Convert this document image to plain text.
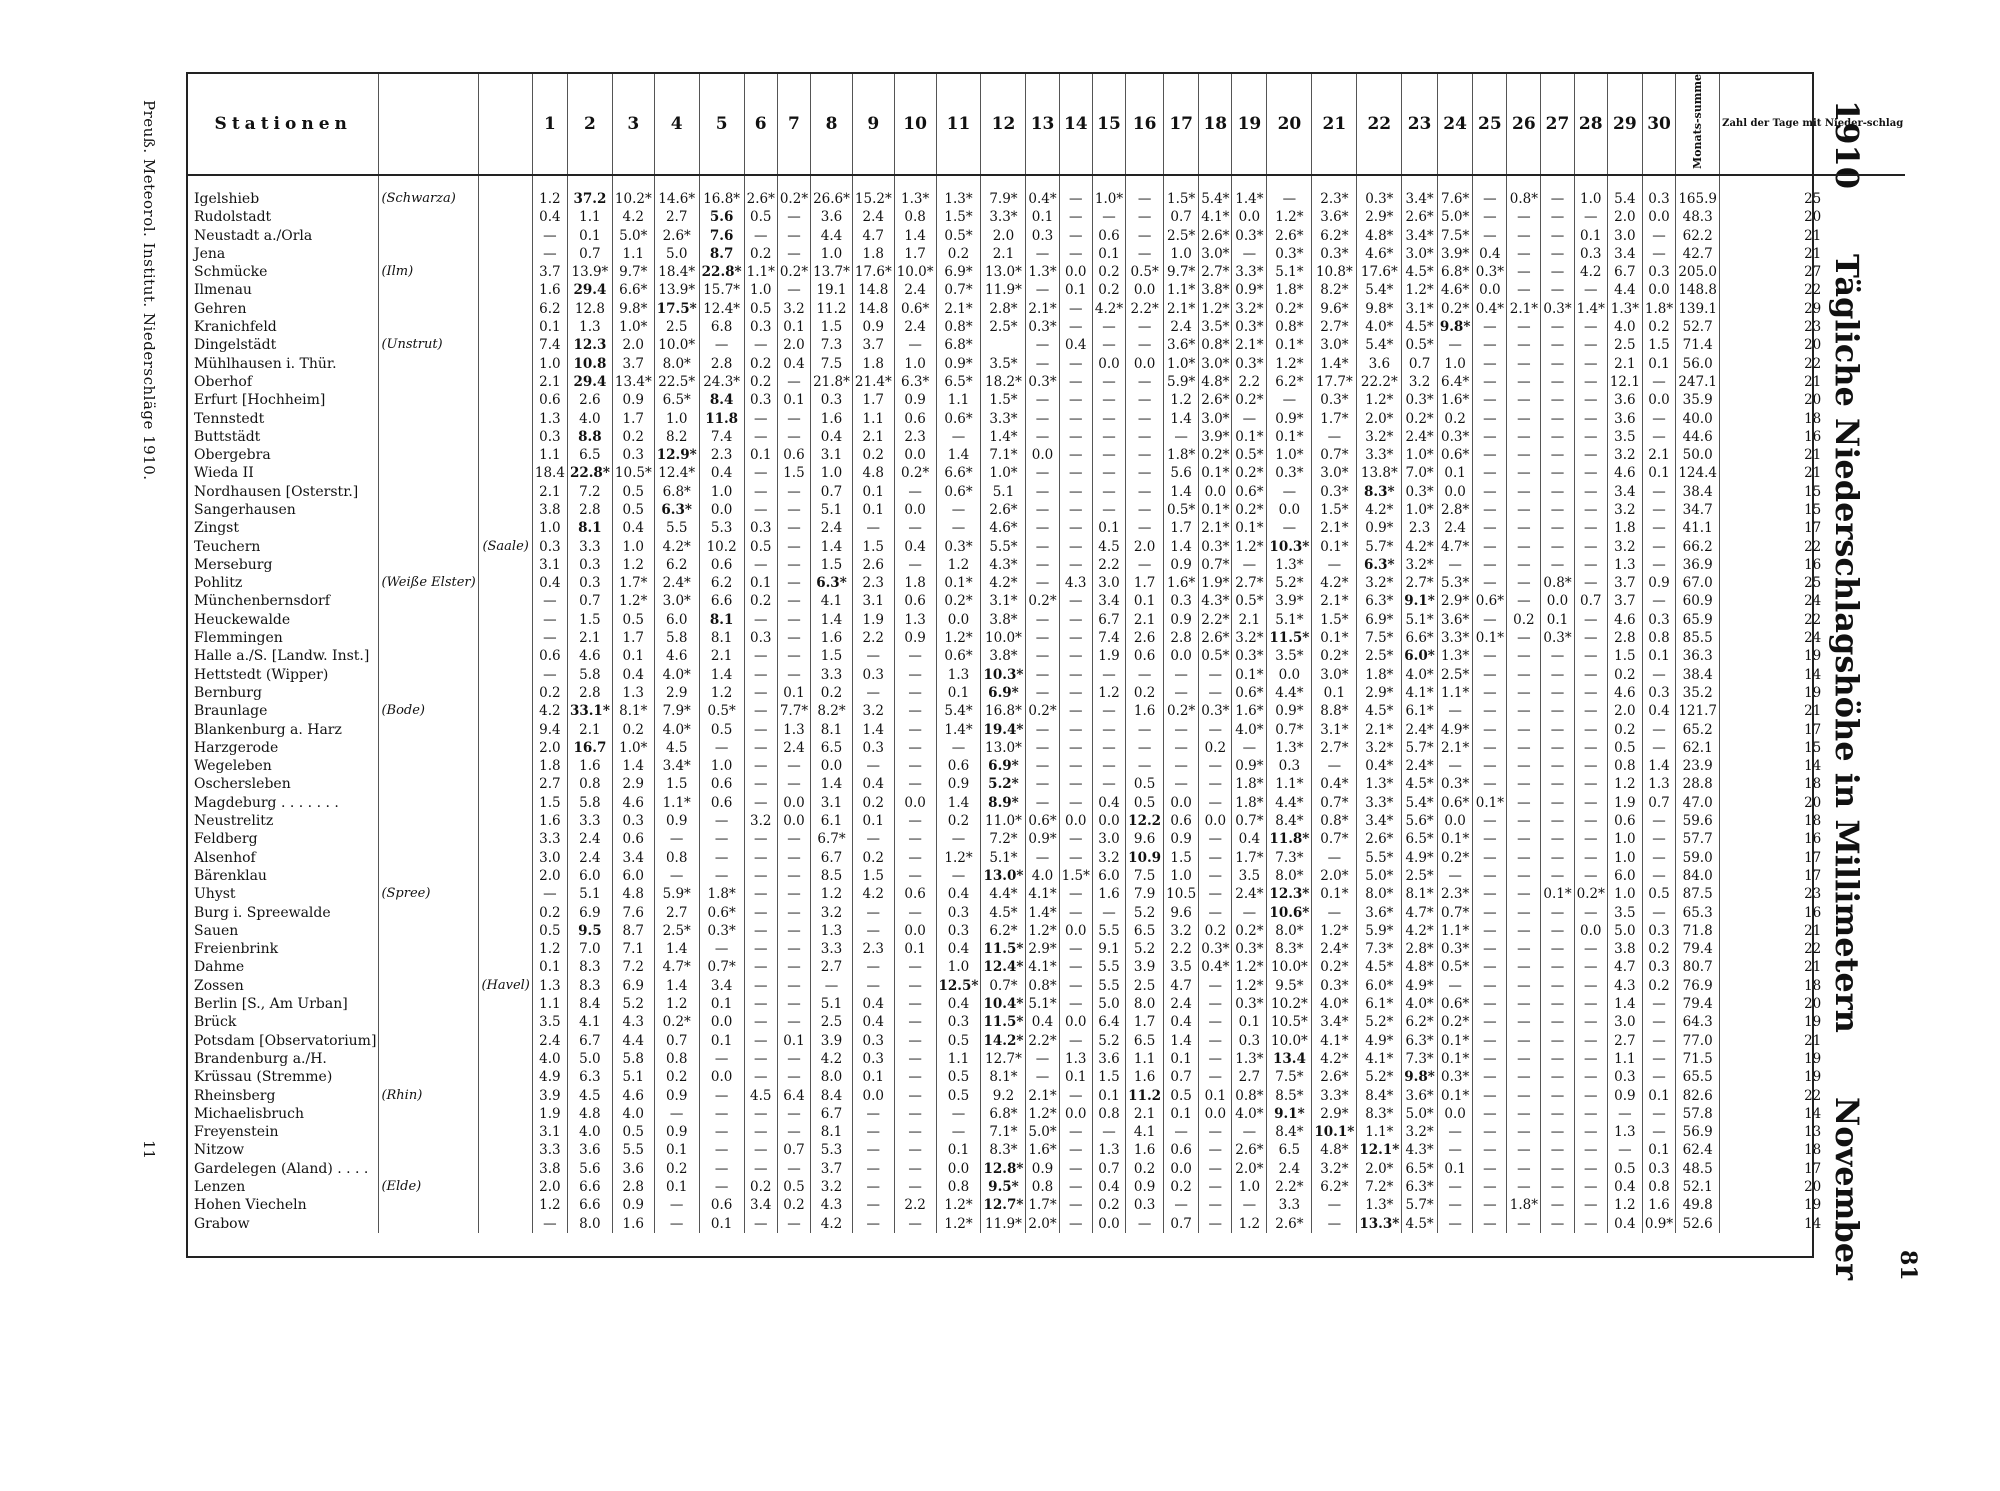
Preuß. Meteorol. Institut. Niederschläge 1910.
11
1910
Tägliche Niederschlagshöhe in Millimetern
November 81
Stationen			1	2	3	4	5	6	7	8	9	10	11	12	13	14	15	16	17	18	19	20	21	22	23	24	25	26	27	28	29	30	Monats-summe	Zahl der Tage mit Nieder-schlag
Igelshieb	(Schwarza)		1.2	37.2	10.2*	14.6*	16.8*	2.6*	0.2*	26.6*	15.2*	1.3*	1.3*	7.9*	0.4*	—	1.0*	—	1.5*	5.4*	1.4*	—	2.3*	0.3*	3.4*	7.6*	—	0.8*	—	1.0	5.4	0.3	165.9	25
Rudolstadt			0.4	1.1	4.2	2.7	5.6	0.5	—	3.6	2.4	0.8	1.5*	3.3*	0.1	—	—	—	0.7	4.1*	0.0	1.2*	3.6*	2.9*	2.6*	5.0*	—	—	—	—	2.0	0.0	48.3	20
Neustadt a./Orla			—	0.1	5.0*	2.6*	7.6	—	—	4.4	4.7	1.4	0.5*	2.0	0.3	—	0.6	—	2.5*	2.6*	0.3*	2.6*	6.2*	4.8*	3.4*	7.5*	—	—	—	0.1	3.0	—	62.2	21
Jena			—	0.7	1.1	5.0	8.7	0.2	—	1.0	1.8	1.7	0.2	2.1	—	—	0.1	—	1.0	3.0*	—	0.3*	0.3*	4.6*	3.0*	3.9*	0.4	—	—	0.3	3.4	—	42.7	21
Schmücke	(Ilm)		3.7	13.9*	9.7*	18.4*	22.8*	1.1*	0.2*	13.7*	17.6*	10.0*	6.9*	13.0*	1.3*	0.0	0.2	0.5*	9.7*	2.7*	3.3*	5.1*	10.8*	17.6*	4.5*	6.8*	0.3*	—	—	4.2	6.7	0.3	205.0	27
Ilmenau			1.6	29.4	6.6*	13.9*	15.7*	1.0	—	19.1	14.8	2.4	0.7*	11.9*	—	0.1	0.2	0.0	1.1*	3.8*	0.9*	1.8*	8.2*	5.4*	1.2*	4.6*	0.0	—	—	—	4.4	0.0	148.8	22
Gehren			6.2	12.8	9.8*	17.5*	12.4*	0.5	3.2	11.2	14.8	0.6*	2.1*	2.8*	2.1*	—	4.2*	2.2*	2.1*	1.2*	3.2*	0.2*	9.6*	9.8*	3.1*	0.2*	0.4*	2.1*	0.3*	1.4*	1.3*	1.8*	139.1	29
Kranichfeld			0.1	1.3	1.0*	2.5	6.8	0.3	0.1	1.5	0.9	2.4	0.8*	2.5*	0.3*	—	—	—	2.4	3.5*	0.3*	0.8*	2.7*	4.0*	4.5*	9.8*	—	—	—	—	4.0	0.2	52.7	23
Dingelstädt	(Unstrut)		7.4	12.3	2.0	10.0*	—	—	2.0	7.3	3.7	—	6.8*		—	0.4	—	—	3.6*	0.8*	2.1*	0.1*	3.0*	5.4*	0.5*	—	—	—	—	—	2.5	1.5	71.4	20
Mühlhausen i. Thür.			1.0	10.8	3.7	8.0*	2.8	0.2	0.4	7.5	1.8	1.0	0.9*	3.5*	—	—	0.0	0.0	1.0*	3.0*	0.3*	1.2*	1.4*	3.6	0.7	1.0	—	—	—	—	2.1	0.1	56.0	22
Oberhof			2.1	29.4	13.4*	22.5*	24.3*	0.2	—	21.8*	21.4*	6.3*	6.5*	18.2*	0.3*	—	—	—	5.9*	4.8*	2.2	6.2*	17.7*	22.2*	3.2	6.4*	—	—	—	—	12.1	—	247.1	21
Erfurt [Hochheim]			0.6	2.6	0.9	6.5*	8.4	0.3	0.1	0.3	1.7	0.9	1.1	1.5*	—	—	—	—	1.2	2.6*	0.2*	—	0.3*	1.2*	0.3*	1.6*	—	—	—	—	3.6	0.0	35.9	20
Tennstedt			1.3	4.0	1.7	1.0	11.8	—	—	1.6	1.1	0.6	0.6*	3.3*	—	—	—	—	1.4	3.0*	—	0.9*	1.7*	2.0*	0.2*	0.2	—	—	—	—	3.6	—	40.0	18
Buttstädt			0.3	8.8	0.2	8.2	7.4	—	—	0.4	2.1	2.3	—	1.4*	—	—	—	—	—	3.9*	0.1*	0.1*	—	3.2*	2.4*	0.3*	—	—	—	—	3.5	—	44.6	16
Obergebra			1.1	6.5	0.3	12.9*	2.3	0.1	0.6	3.1	0.2	0.0	1.4	7.1*	0.0	—	—	—	1.8*	0.2*	0.5*	1.0*	0.7*	3.3*	1.0*	0.6*	—	—	—	—	3.2	2.1	50.0	21
Wieda II			18.4	22.8*	10.5*	12.4*	0.4	—	1.5	1.0	4.8	0.2*	6.6*	1.0*	—	—	—	—	5.6	0.1*	0.2*	0.3*	3.0*	13.8*	7.0*	0.1	—	—	—	—	4.6	0.1	124.4	21
Nordhausen [Osterstr.]			2.1	7.2	0.5	6.8*	1.0	—	—	0.7	0.1	—	0.6*	5.1	—	—	—	—	1.4	0.0	0.6*	—	0.3*	8.3*	0.3*	0.0	—	—	—	—	3.4	—	38.4	15
Sangerhausen			3.8	2.8	0.5	6.3*	0.0	—	—	5.1	0.1	0.0	—	2.6*	—	—	—	—	0.5*	0.1*	0.2*	0.0	1.5*	4.2*	1.0*	2.8*	—	—	—	—	3.2	—	34.7	15
Zingst			1.0	8.1	0.4	5.5	5.3	0.3	—	2.4	—	—	—	4.6*	—	—	0.1	—	1.7	2.1*	0.1*	—	2.1*	0.9*	2.3	2.4	—	—	—	—	1.8	—	41.1	17
Teuchern		(Saale)	0.3	3.3	1.0	4.2*	10.2	0.5	—	1.4	1.5	0.4	0.3*	5.5*	—	—	4.5	2.0	1.4	0.3*	1.2*	10.3*	0.1*	5.7*	4.2*	4.7*	—	—	—	—	3.2	—	66.2	22
Merseburg			3.1	0.3	1.2	6.2	0.6	—	—	1.5	2.6	—	1.2	4.3*	—	—	2.2	—	0.9	0.7*	—	1.3*	—	6.3*	3.2*	—	—	—	—	—	1.3	—	36.9	16
Pohlitz	(Weiße Elster)		0.4	0.3	1.7*	2.4*	6.2	0.1	—	6.3*	2.3	1.8	0.1*	4.2*	—	4.3	3.0	1.7	1.6*	1.9*	2.7*	5.2*	4.2*	3.2*	2.7*	5.3*	—	—	0.8*	—	3.7	0.9	67.0	25
Münchenbernsdorf			—	0.7	1.2*	3.0*	6.6	0.2	—	4.1	3.1	0.6	0.2*	3.1*	0.2*	—	3.4	0.1	0.3	4.3*	0.5*	3.9*	2.1*	6.3*	9.1*	2.9*	0.6*	—	0.0	0.7	3.7	—	60.9	24
Heuckewalde			—	1.5	0.5	6.0	8.1	—	—	1.4	1.9	1.3	0.0	3.8*	—	—	6.7	2.1	0.9	2.2*	2.1	5.1*	1.5*	6.9*	5.1*	3.6*	—	0.2	0.1	—	4.6	0.3	65.9	22
Flemmingen			—	2.1	1.7	5.8	8.1	0.3	—	1.6	2.2	0.9	1.2*	10.0*	—	—	7.4	2.6	2.8	2.6*	3.2*	11.5*	0.1*	7.5*	6.6*	3.3*	0.1*	—	0.3*	—	2.8	0.8	85.5	24
Halle a./S. [Landw. Inst.]			0.6	4.6	0.1	4.6	2.1	—	—	1.5	—	—	0.6*	3.8*	—	—	1.9	0.6	0.0	0.5*	0.3*	3.5*	0.2*	2.5*	6.0*	1.3*	—	—	—	—	1.5	0.1	36.3	19
Hettstedt (Wipper)			—	5.8	0.4	4.0*	1.4	—	—	3.3	0.3	—	1.3	10.3*	—	—	—	—	—	—	0.1*	0.0	3.0*	1.8*	4.0*	2.5*	—	—	—	—	0.2	—	38.4	14
Bernburg			0.2	2.8	1.3	2.9	1.2	—	0.1	0.2	—	—	0.1	6.9*	—	—	1.2	0.2	—	—	0.6*	4.4*	0.1	2.9*	4.1*	1.1*	—	—	—	—	4.6	0.3	35.2	19
Braunlage	(Bode)		4.2	33.1*	8.1*	7.9*	0.5*	—	7.7*	8.2*	3.2	—	5.4*	16.8*	0.2*	—	—	1.6	0.2*	0.3*	1.6*	0.9*	8.8*	4.5*	6.1*	—	—	—	—	—	2.0	0.4	121.7	21
Blankenburg a. Harz			9.4	2.1	0.2	4.0*	0.5	—	1.3	8.1	1.4	—	1.4*	19.4*	—	—	—	—	—	—	4.0*	0.7*	3.1*	2.1*	2.4*	4.9*	—	—	—	—	0.2	—	65.2	17
Harzgerode			2.0	16.7	1.0*	4.5	—	—	2.4	6.5	0.3	—	—	13.0*	—	—	—	—	—	0.2	—	1.3*	2.7*	3.2*	5.7*	2.1*	—	—	—	—	0.5	—	62.1	15
Wegeleben			1.8	1.6	1.4	3.4*	1.0	—	—	0.0	—	—	0.6	6.9*	—	—	—	—	—	—	0.9*	0.3	—	0.4*	2.4*	—	—	—	—	—	0.8	1.4	23.9	14
Oschersleben			2.7	0.8	2.9	1.5	0.6	—	—	1.4	0.4	—	0.9	5.2*	—	—	—	0.5	—	—	1.8*	1.1*	0.4*	1.3*	4.5*	0.3*	—	—	—	—	1.2	1.3	28.8	18
Magdeburg . . . . . . .			1.5	5.8	4.6	1.1*	0.6	—	0.0	3.1	0.2	0.0	1.4	8.9*	—	—	0.4	0.5	0.0	—	1.8*	4.4*	0.7*	3.3*	5.4*	0.6*	0.1*	—	—	—	1.9	0.7	47.0	20
Neustrelitz			1.6	3.3	0.3	0.9	—	3.2	0.0	6.1	0.1	—	0.2	11.0*	0.6*	0.0	0.0	12.2	0.6	0.0	0.7*	8.4*	0.8*	3.4*	5.6*	0.0	—	—	—	—	0.6	—	59.6	18
Feldberg			3.3	2.4	0.6	—	—	—	—	6.7*	—	—	—	7.2*	0.9*	—	3.0	9.6	0.9	—	0.4	11.8*	0.7*	2.6*	6.5*	0.1*	—	—	—	—	1.0	—	57.7	16
Alsenhof			3.0	2.4	3.4	0.8	—	—	—	6.7	0.2	—	1.2*	5.1*	—	—	3.2	10.9	1.5	—	1.7*	7.3*	—	5.5*	4.9*	0.2*	—	—	—	—	1.0	—	59.0	17
Bärenklau			2.0	6.0	6.0	—	—	—	—	8.5	1.5	—	—	13.0*	4.0	1.5*	6.0	7.5	1.0	—	3.5	8.0*	2.0*	5.0*	2.5*	—	—	—	—	—	6.0	—	84.0	17
Uhyst	(Spree)		—	5.1	4.8	5.9*	1.8*	—	—	1.2	4.2	0.6	0.4	4.4*	4.1*	—	1.6	7.9	10.5	—	2.4*	12.3*	0.1*	8.0*	8.1*	2.3*	—	—	0.1*	0.2*	1.0	0.5	87.5	23
Burg i. Spreewalde			0.2	6.9	7.6	2.7	0.6*	—	—	3.2	—	—	0.3	4.5*	1.4*	—	—	5.2	9.6	—	—	10.6*	—	3.6*	4.7*	0.7*	—	—	—	—	3.5	—	65.3	16
Sauen			0.5	9.5	8.7	2.5*	0.3*	—	—	1.3	—	0.0	0.3	6.2*	1.2*	0.0	5.5	6.5	3.2	0.2	0.2*	8.0*	1.2*	5.9*	4.2*	1.1*	—	—	—	0.0	5.0	0.3	71.8	21
Freienbrink			1.2	7.0	7.1	1.4	—	—	—	3.3	2.3	0.1	0.4	11.5*	2.9*	—	9.1	5.2	2.2	0.3*	0.3*	8.3*	2.4*	7.3*	2.8*	0.3*	—	—	—	—	3.8	0.2	79.4	22
Dahme			0.1	8.3	7.2	4.7*	0.7*	—	—	2.7	—	—	1.0	12.4*	4.1*	—	5.5	3.9	3.5	0.4*	1.2*	10.0*	0.2*	4.5*	4.8*	0.5*	—	—	—	—	4.7	0.3	80.7	21
Zossen		(Havel)	1.3	8.3	6.9	1.4	3.4	—	—	—	—	—	12.5*	0.7*	0.8*	—	5.5	2.5	4.7	—	1.2*	9.5*	0.3*	6.0*	4.9*	—	—	—	—	—	4.3	0.2	76.9	18
Berlin [S., Am Urban]			1.1	8.4	5.2	1.2	0.1	—	—	5.1	0.4	—	0.4	10.4*	5.1*	—	5.0	8.0	2.4	—	0.3*	10.2*	4.0*	6.1*	4.0*	0.6*	—	—	—	—	1.4	—	79.4	20
Brück			3.5	4.1	4.3	0.2*	0.0	—	—	2.5	0.4	—	0.3	11.5*	0.4	0.0	6.4	1.7	0.4	—	0.1	10.5*	3.4*	5.2*	6.2*	0.2*	—	—	—	—	3.0	—	64.3	19
Potsdam [Observatorium]			2.4	6.7	4.4	0.7	0.1	—	0.1	3.9	0.3	—	0.5	14.2*	2.2*	—	5.2	6.5	1.4	—	0.3	10.0*	4.1*	4.9*	6.3*	0.1*	—	—	—	—	2.7	—	77.0	21
Brandenburg a./H.			4.0	5.0	5.8	0.8	—	—	—	4.2	0.3	—	1.1	12.7*	—	1.3	3.6	1.1	0.1	—	1.3*	13.4	4.2*	4.1*	7.3*	0.1*	—	—	—	—	1.1	—	71.5	19
Krüssau (Stremme)			4.9	6.3	5.1	0.2	0.0	—	—	8.0	0.1	—	0.5	8.1*	—	0.1	1.5	1.6	0.7	—	2.7	7.5*	2.6*	5.2*	9.8*	0.3*	—	—	—	—	0.3	—	65.5	19
Rheinsberg	(Rhin)		3.9	4.5	4.6	0.9	—	4.5	6.4	8.4	0.0	—	0.5	9.2	2.1*	—	0.1	11.2	0.5	0.1	0.8*	8.5*	3.3*	8.4*	3.6*	0.1*	—	—	—	—	0.9	0.1	82.6	22
Michaelisbruch			1.9	4.8	4.0	—	—	—	—	6.7	—	—	—	6.8*	1.2*	0.0	0.8	2.1	0.1	0.0	4.0*	9.1*	2.9*	8.3*	5.0*	0.0	—	—	—	—	—	—	57.8	14
Freyenstein			3.1	4.0	0.5	0.9	—	—	—	8.1	—	—	—	7.1*	5.0*	—	—	4.1	—	—	—	8.4*	10.1*	1.1*	3.2*	—	—	—	—	—	1.3	—	56.9	13
Nitzow			3.3	3.6	5.5	0.1	—	—	0.7	5.3	—	—	0.1	8.3*	1.6*	—	1.3	1.6	0.6	—	2.6*	6.5	4.8*	12.1*	4.3*	—	—	—	—	—	—	0.1	62.4	18
Gardelegen (Aland) . . . .			3.8	5.6	3.6	0.2	—	—	—	3.7	—	—	0.0	12.8*	0.9	—	0.7	0.2	0.0	—	2.0*	2.4	3.2*	2.0*	6.5*	0.1	—	—	—	—	0.5	0.3	48.5	17
Lenzen	(Elde)		2.0	6.6	2.8	0.1	—	0.2	0.5	3.2	—	—	0.8	9.5*	0.8	—	0.4	0.9	0.2	—	1.0	2.2*	6.2*	7.2*	6.3*	—	—	—	—	—	0.4	0.8	52.1	20
Hohen Viecheln			1.2	6.6	0.9	—	0.6	3.4	0.2	4.3	—	2.2	1.2*	12.7*	1.7*	—	0.2	0.3	—	—	—	3.3	—	1.3*	5.7*	—	—	1.8*	—	—	1.2	1.6	49.8	19
Grabow			—	8.0	1.6	—	0.1	—	—	4.2	—	—	1.2*	11.9*	2.0*	—	0.0	—	0.7	—	1.2	2.6*	—	13.3*	4.5*	—	—	—	—	—	0.4	0.9*	52.6	14
